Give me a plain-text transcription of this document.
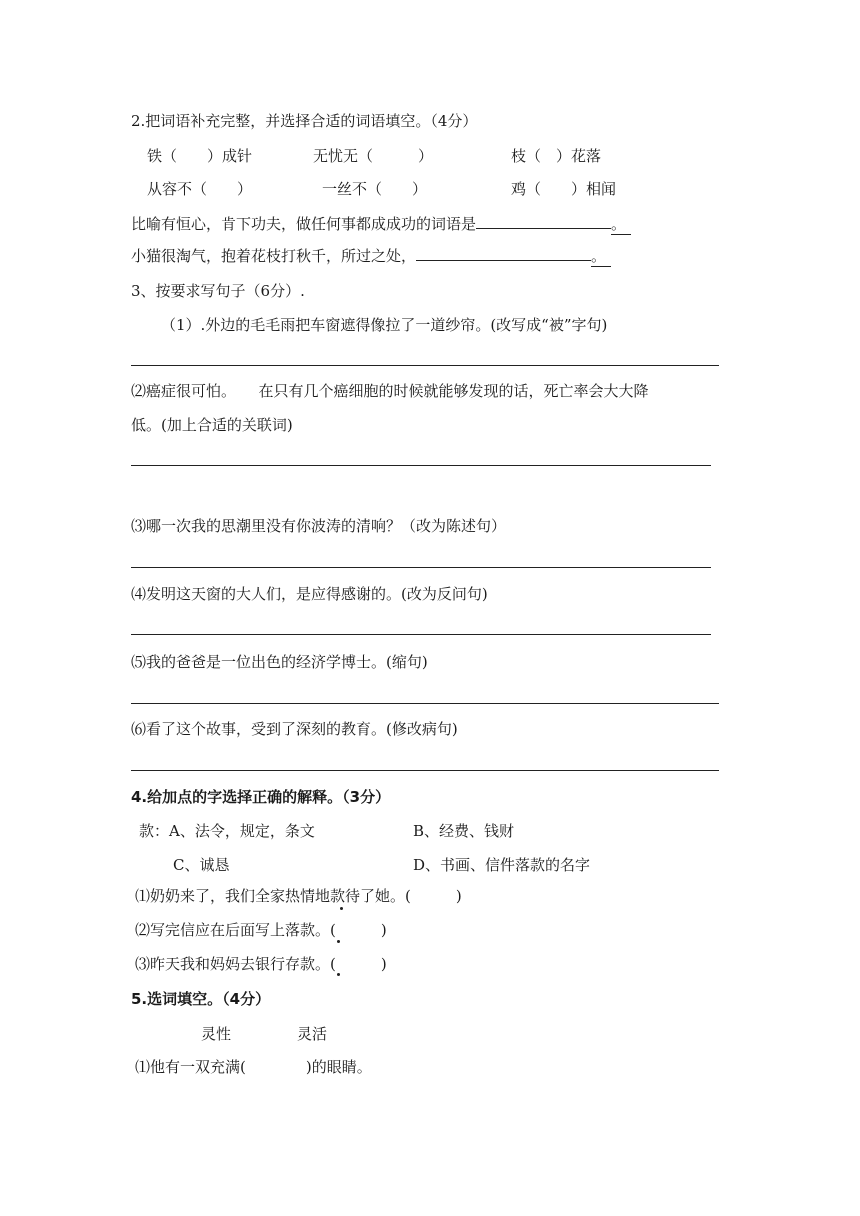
2.把词语补充完整，并选择合适的词语填空。（4分）
铁（　　）成针	无忧无（　　　）	枝（　）花落
从容不（　　）	一丝不（　　）	鸡（　　）相闻
比喻有恒心，肯下功夫，做任何事都成成功的词语是	。
小猫很淘气，抱着花枝打秋千，所过之处，	。
3、按要求写句子（6分）.
（1）.外边的毛毛雨把车窗遮得像拉了一道纱帘。(改写成“被”字句)
⑵癌症很可怕。　　在只有几个癌细胞的时候就能够发现的话，死亡率会大大降
低。(加上合适的关联词)
⑶哪一次我的思潮里没有你波涛的清响？（改为陈述句）
⑷发明这天窗的大人们，是应得感谢的。(改为反问句)
⑸我的爸爸是一位出色的经济学博士。(缩句)
⑹看了这个故事，受到了深刻的教育。(修改病句)
4.给加点的字选择正确的解释。（3分）
款：A、法令，规定，条文	B、经费、钱财
C、诚恳	D、书画、信件落款的名字
⑴奶奶来了，我们全家热情地款待了她。(　　　)
⑵写完信应在后面写上落款。(　　　)
⑶昨天我和妈妈去银行存款。(　　　)
5.选词填空。（4分）
灵性	灵活
⑴他有一双充满(　　　　)的眼睛。
